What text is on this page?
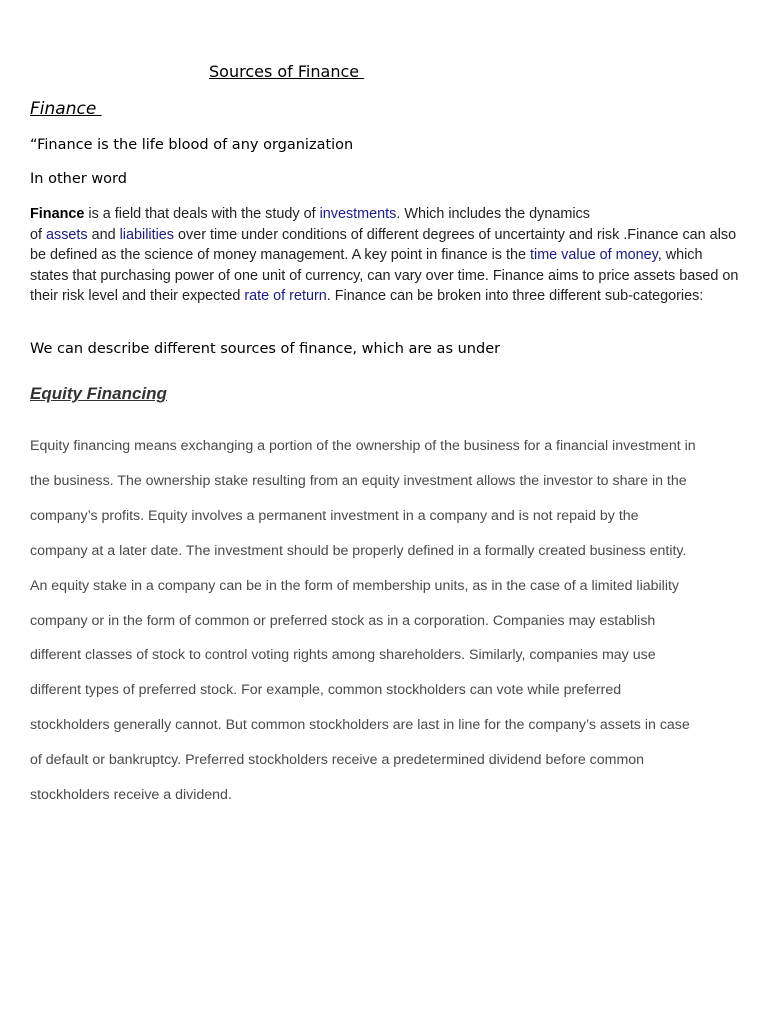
Sources of Finance
Finance

“Finance is the life blood of any organization

In other word

Finance is a field that deals with the study of investments. Which includes the dynamics
of assets and liabilities over time under conditions of different degrees of uncertainty and risk .Finance can also be defined as the science of money management. A key point in finance is the time value of money, which states that purchasing power of one unit of currency, can vary over time. Finance aims to price assets based on their risk level and their expected rate of return. Finance can be broken into three different sub-categories:

We can describe different sources of finance, which are as under

Equity Financing

Equity financing means exchanging a portion of the ownership of the business for a financial investment in
the business. The ownership stake resulting from an equity investment allows the investor to share in the
company’s profits. Equity involves a permanent investment in a company and is not repaid by the
company at a later date. The investment should be properly defined in a formally created business entity.
An equity stake in a company can be in the form of membership units, as in the case of a limited liability
company or in the form of common or preferred stock as in a corporation. Companies may establish
different classes of stock to control voting rights among shareholders. Similarly, companies may use
different types of preferred stock. For example, common stockholders can vote while preferred
stockholders generally cannot. But common stockholders are last in line for the company’s assets in case
of default or bankruptcy. Preferred stockholders receive a predetermined dividend before common
stockholders receive a dividend.
